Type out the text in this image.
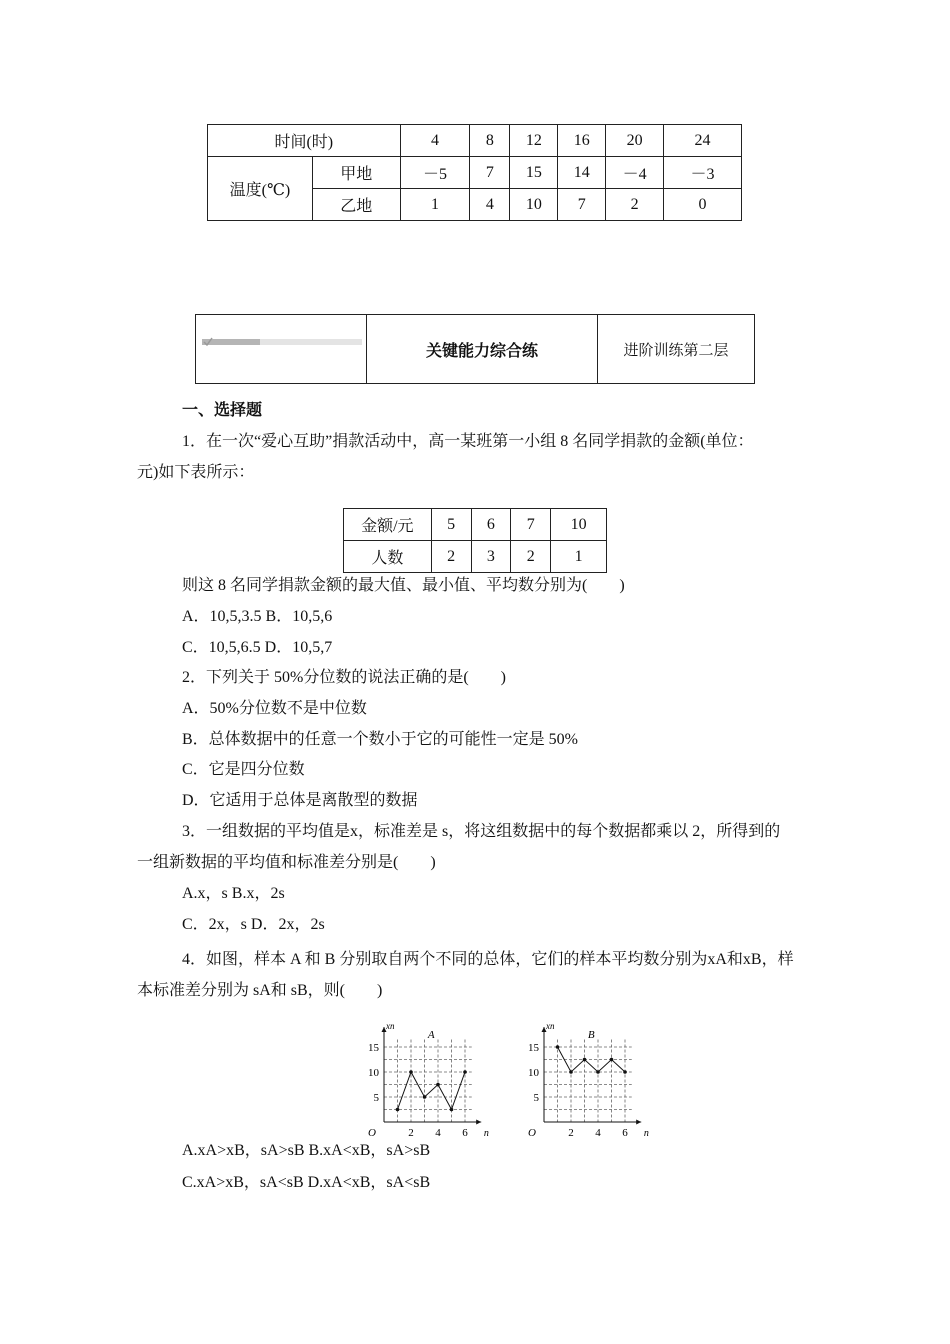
时间(时)		4	8	12	16	20	24
温度(℃)	甲地	－5	7	15	14	－4	－3
	乙地	1	4	10	7	2	0
	关键能力综合练	进阶训练第二层
一、选择题
1．在一次“爱心互助”捐款活动中，高一某班第一小组 8 名同学捐款的金额(单位：
元)如下表所示：
则这 8 名同学捐款金额的最大值、最小值、平均数分别为(　　)
A．10,5,3.5 B．10,5,6
C．10,5,6.5 D．10,5,7
2．下列关于 50%分位数的说法正确的是(　　)
A．50%分位数不是中位数
B．总体数据中的任意一个数小于它的可能性一定是 50%
C．它是四分位数
D．它适用于总体是离散型的数据
3．一组数据的平均值是x，标准差是 s，将这组数据中的每个数据都乘以 2，所得到的
一组新数据的平均值和标准差分别是(　　)
A.x，s B.x，2s
C．2x，s D．2x，2s
4．如图，样本 A 和 B 分别取自两个不同的总体，它们的样本平均数分别为xA和xB，样
本标准差分别为 sA和 sB，则(　　)
A.xA>xB，sA>sB B.xA<xB，sA>sB
C.xA>xB，sA<sB D.xA<xB，sA<sB
金额/元	5	6	7	10
人数	2	3	2	1
xn
n
O
A
2 4 6
5
10
15
xn
n
O
B
2 4 6
5
10
15
